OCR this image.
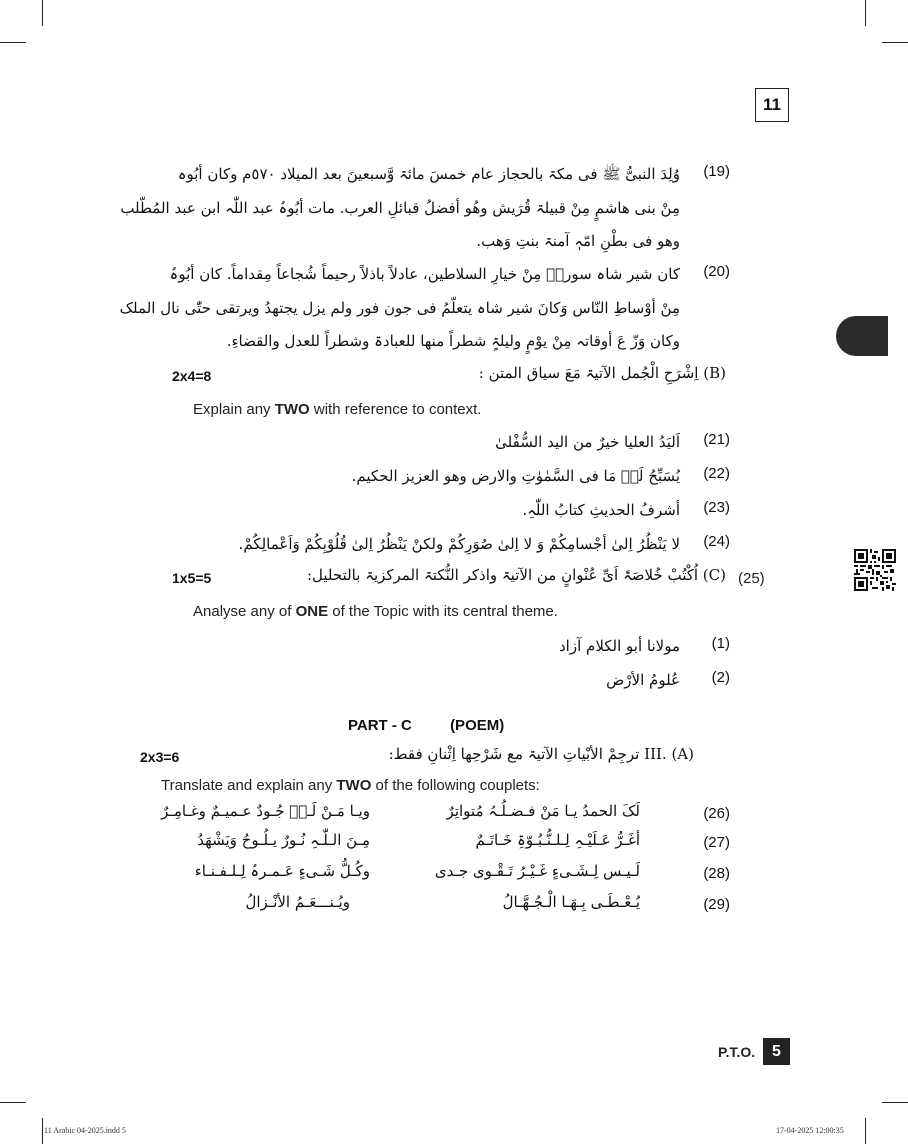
11
(19)
وُلِدَ النبیُّ ﷺ فی مکۃ بالحجاز عام خمسَ مائۃ وَّسبعینَ بعد المیلاد ٥٧٠م وکان أبُوہ
مِنْ بنی ھاشمٍ مِنْ قبیلۃ قُرَیش وھُو أفضلُ قبائلِ العرب. مات أبُوہُ عبد اللّٰہ ابن عبد المُطّلب
وھو فی بطْنِ امّہٖ آمنۃ بنتِ وَھب.
(20)
کان شیر شاہ سوریؒ مِنْ خیارِ السلاطین، عادلاً باذلاً رحیماً شُجاعاً مِقداماً. کان أبُوہُ
مِنْ أوْساطِ النّاس وَکانَ شیر شاہ یتعلّمُ فی جون فور ولم یزل یجتھدُ ویرتقی حتّٰی نال الملک
وکان وَزّ عَ أوقاتہ مِنْ یوْمٍ ولیلۃٍ شطراً منھا للعبادۃ وشطراً للعدل والقضاءِ.
2x4=8	(B) اِشْرَحِ الْجُمل الآتیۃ مَعَ سیاق المتن :
Explain any TWO with reference to context.
(21)
اَلیَدُ العلیا خیرٌ من الید السُّفْلیٰ
(22)
یُسَبِّحُ لَہٗ مَا فی السَّمٰوٰتِ والارض وھو العزیز الحکیم.
(23)
أشرفُ الحدیثِ کتابُ اللّٰہِ.
(24)
لا یَنْظُرُ اِلیٰ أجْسامِکُمْ وَ لا اِلیٰ صُوَرِکُمْ ولکنْ یَنْظُرُ اِلیٰ قُلُوْبِکُمْ وَاَعْمالِکُمْ.
1x5=5	(C) اُکْتُبْ خُلاصَۃَ اَیِّ عُنْوانٍ من الآتیۃ واذکر النُّکتۃ المرکزیۃ بالتحلیل: (25)
Analyse any of ONE of the Topic with its central theme.
(1)
مولانا أبو الکلام آزاد
(2)
عُلومُ الأرْض
PART - C	(POEM)
2x3=6	III. (A) ترجِمْ الأبْیاتِ الآتیۃ مع شَرْحِھا اِثْنانِ فقط:
Translate and explain any TWO of the following couplets:
(26)
لَکَ الحمدُ یـا مَنْ فـضـلُـہُ مُتواتِرٌ
ویـا مَـنْ لَـہٗ جُـودٌ عـمیـمٌ وغـامِـرٌ
(27)
أغَـرُّ عَـلَیْـہِ لِـلـنُّـبُـوّۃِ خَـاتَـمٌ
مِـنَ الـلّٰـہِ نُـورٌ یـلُـوحُ وَیَشْھَدُ
(28)
لَـیـس لِـشَـیءٍ غَـیْـرُ تَـقْـوی جـدی
وکُـلُّ شَـیءٍ عَـمـرہُ لِـلـفـنـاء
(29)
یُـعْـطَـی بِـھَـا الْـجُـھَّـالُ
ویُـنـــعَـمُ الأنْـزالُ
P.T.O. 5
11 Arabic 04-2025.indd 5	17-04-2025 12:00:35
